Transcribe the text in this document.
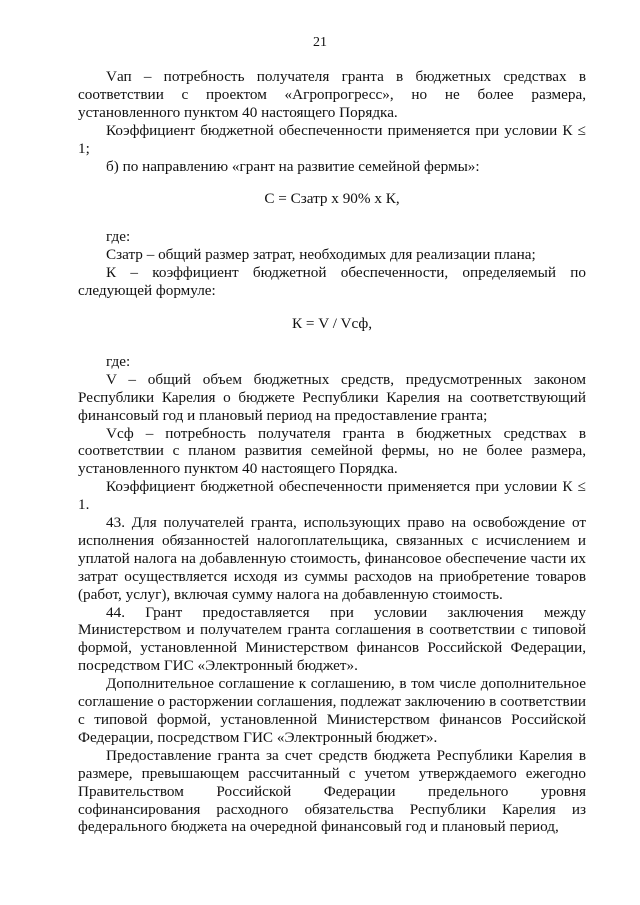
21

Vап – потребность получателя гранта в бюджетных средствах в соответствии с проектом «Агропрогресс», но не более размера, установленного пунктом 40 настоящего Порядка.

Коэффициент бюджетной обеспеченности применяется при условии К ≤ 1;

б) по направлению «грант на развитие семейной фермы»:

С = Сзатр х 90% х К,

где:

Сзатр – общий размер затрат, необходимых для реализации плана;

К – коэффициент бюджетной обеспеченности, определяемый по следующей формуле:

К = V / Vсф,

где:

V – общий объем бюджетных средств, предусмотренных законом Республики Карелия о бюджете Республики Карелия на соответствующий финансовый год и плановый период на предоставление гранта;

Vсф – потребность получателя гранта в бюджетных средствах в соответствии с планом развития семейной фермы, но не более размера, установленного пунктом 40 настоящего Порядка.

Коэффициент бюджетной обеспеченности применяется при условии К ≤ 1.

43. Для получателей гранта, использующих право на освобождение от исполнения обязанностей налогоплательщика, связанных с исчислением и уплатой налога на добавленную стоимость, финансовое обеспечение части их затрат осуществляется исходя из суммы расходов на приобретение товаров (работ, услуг), включая сумму налога на добавленную стоимость.

44. Грант предоставляется при условии заключения между Министерством и получателем гранта соглашения в соответствии с типовой формой, установленной Министерством финансов Российской Федерации, посредством ГИС «Электронный бюджет».

Дополнительное соглашение к соглашению, в том числе дополнительное соглашение о расторжении соглашения, подлежат заключению в соответствии с типовой формой, установленной Министерством финансов Российской Федерации, посредством ГИС «Электронный бюджет».

Предоставление гранта за счет средств бюджета Республики Карелия в размере, превышающем рассчитанный с учетом утверждаемого ежегодно Правительством Российской Федерации предельного уровня софинансирования расходного обязательства Республики Карелия из федерального бюджета на очередной финансовый год и плановый период,
